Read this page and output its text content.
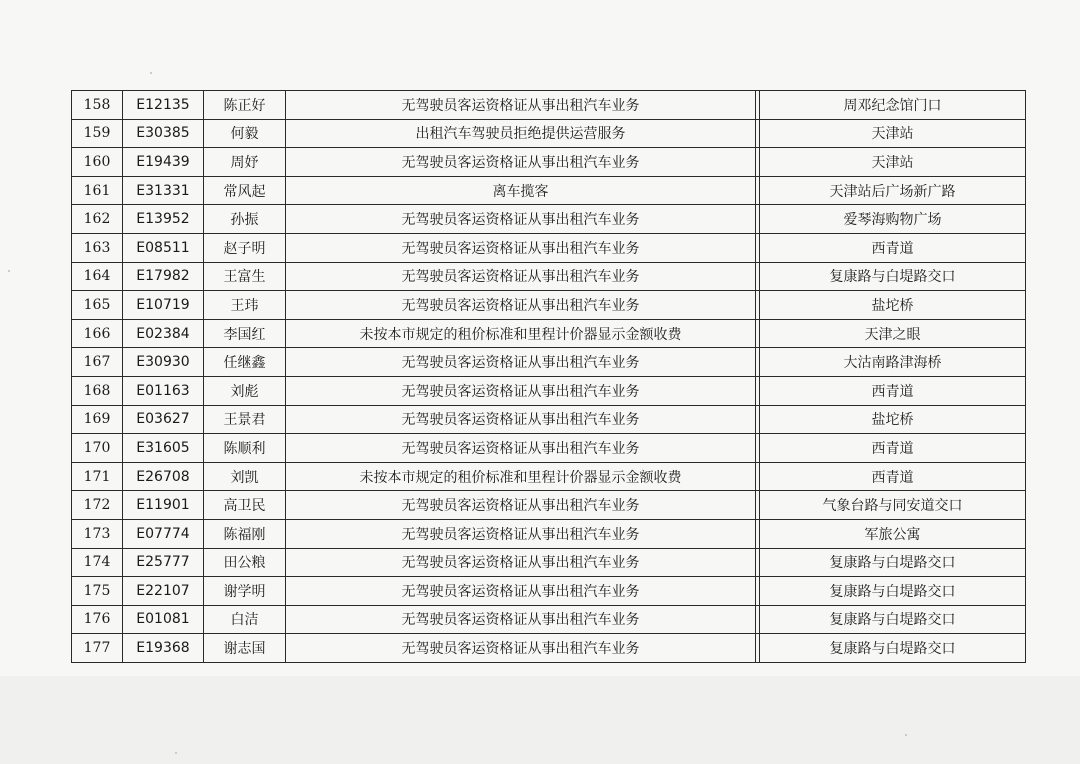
158	E12135	陈正好	无驾驶员客运资格证从事出租汽车业务		周邓纪念馆门口
159	E30385	何毅	出租汽车驾驶员拒绝提供运营服务		天津站
160	E19439	周妤	无驾驶员客运资格证从事出租汽车业务		天津站
161	E31331	常风起	离车揽客		天津站后广场新广路
162	E13952	孙振	无驾驶员客运资格证从事出租汽车业务		爱琴海购物广场
163	E08511	赵子明	无驾驶员客运资格证从事出租汽车业务		西青道
164	E17982	王富生	无驾驶员客运资格证从事出租汽车业务		复康路与白堤路交口
165	E10719	王玮	无驾驶员客运资格证从事出租汽车业务		盐坨桥
166	E02384	李国红	未按本市规定的租价标准和里程计价器显示金额收费		天津之眼
167	E30930	任继鑫	无驾驶员客运资格证从事出租汽车业务		大沽南路津海桥
168	E01163	刘彪	无驾驶员客运资格证从事出租汽车业务		西青道
169	E03627	王景君	无驾驶员客运资格证从事出租汽车业务		盐坨桥
170	E31605	陈顺利	无驾驶员客运资格证从事出租汽车业务		西青道
171	E26708	刘凯	未按本市规定的租价标准和里程计价器显示金额收费		西青道
172	E11901	高卫民	无驾驶员客运资格证从事出租汽车业务		气象台路与同安道交口
173	E07774	陈福刚	无驾驶员客运资格证从事出租汽车业务		军旅公寓
174	E25777	田公粮	无驾驶员客运资格证从事出租汽车业务		复康路与白堤路交口
175	E22107	谢学明	无驾驶员客运资格证从事出租汽车业务		复康路与白堤路交口
176	E01081	白洁	无驾驶员客运资格证从事出租汽车业务		复康路与白堤路交口
177	E19368	谢志国	无驾驶员客运资格证从事出租汽车业务		复康路与白堤路交口
